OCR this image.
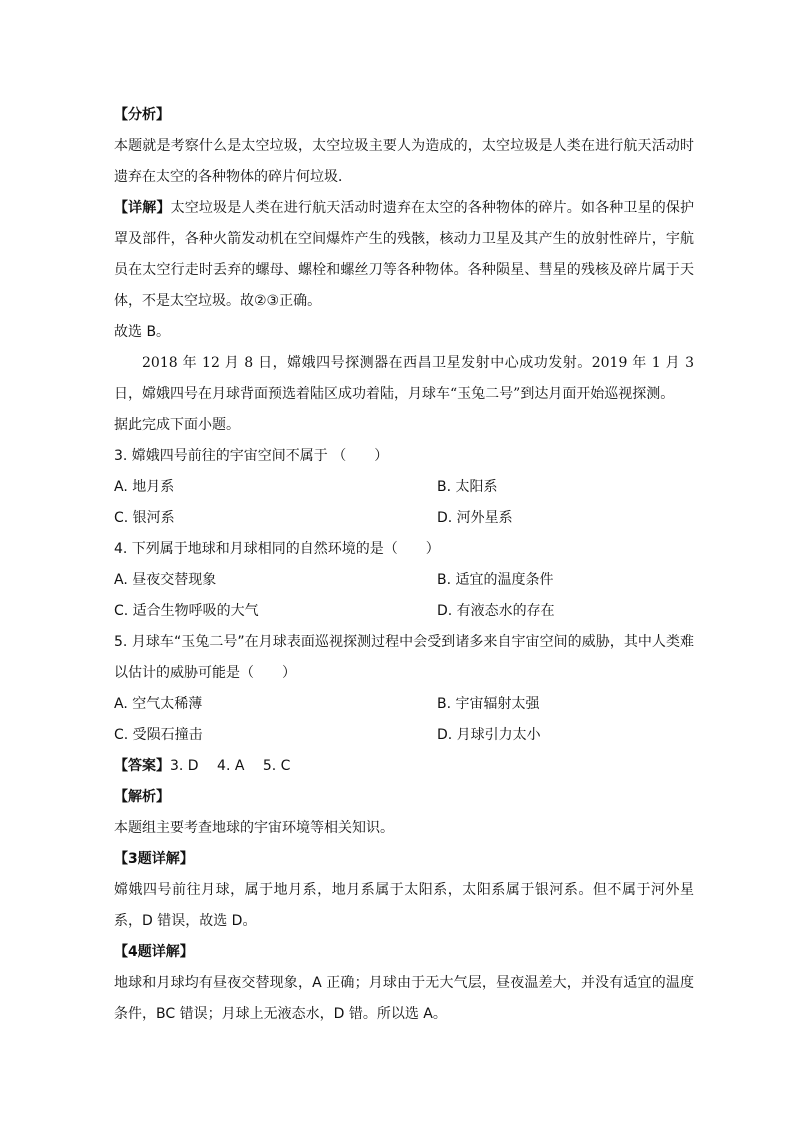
【分析】
本题就是考察什么是太空垃圾，太空垃圾主要人为造成的，太空垃圾是人类在进行航天活动时遗弃在太空的各种物体的碎片何垃圾．
【详解】太空垃圾是人类在进行航天活动时遗弃在太空的各种物体的碎片。如各种卫星的保护罩及部件，各种火箭发动机在空间爆炸产生的残骸，核动力卫星及其产生的放射性碎片，宇航员在太空行走时丢弃的螺母、螺栓和螺丝刀等各种物体。各种陨星、彗星的残核及碎片属于天体，不是太空垃圾。故②③正确。
故选 B。
2018 年 12 月 8 日，嫦娥四号探测器在西昌卫星发射中心成功发射。2019 年 1 月 3 日，嫦娥四号在月球背面预选着陆区成功着陆，月球车“玉兔二号”到达月面开始巡视探测。
据此完成下面小题。
3. 嫦娥四号前往的宇宙空间不属于 （　　）
A. 地月系	B. 太阳系
C. 银河系	D. 河外星系
4. 下列属于地球和月球相同的自然环境的是（　　）
A. 昼夜交替现象	B. 适宜的温度条件
C. 适合生物呼吸的大气	D. 有液态水的存在
5. 月球车“玉兔二号”在月球表面巡视探测过程中会受到诸多来自宇宙空间的威胁，其中人类难以估计的威胁可能是（　　）
A. 空气太稀薄	B. 宇宙辐射太强
C. 受陨石撞击	D. 月球引力太小
【答案】3. D　 4. A　 5. C
【解析】
本题组主要考查地球的宇宙环境等相关知识。
【3题详解】
嫦娥四号前往月球，属于地月系，地月系属于太阳系，太阳系属于银河系。但不属于河外星系，D 错误，故选 D。
【4题详解】
地球和月球均有昼夜交替现象，A 正确；月球由于无大气层，昼夜温差大，并没有适宜的温度条件，BC 错误；月球上无液态水，D 错。所以选 A。
